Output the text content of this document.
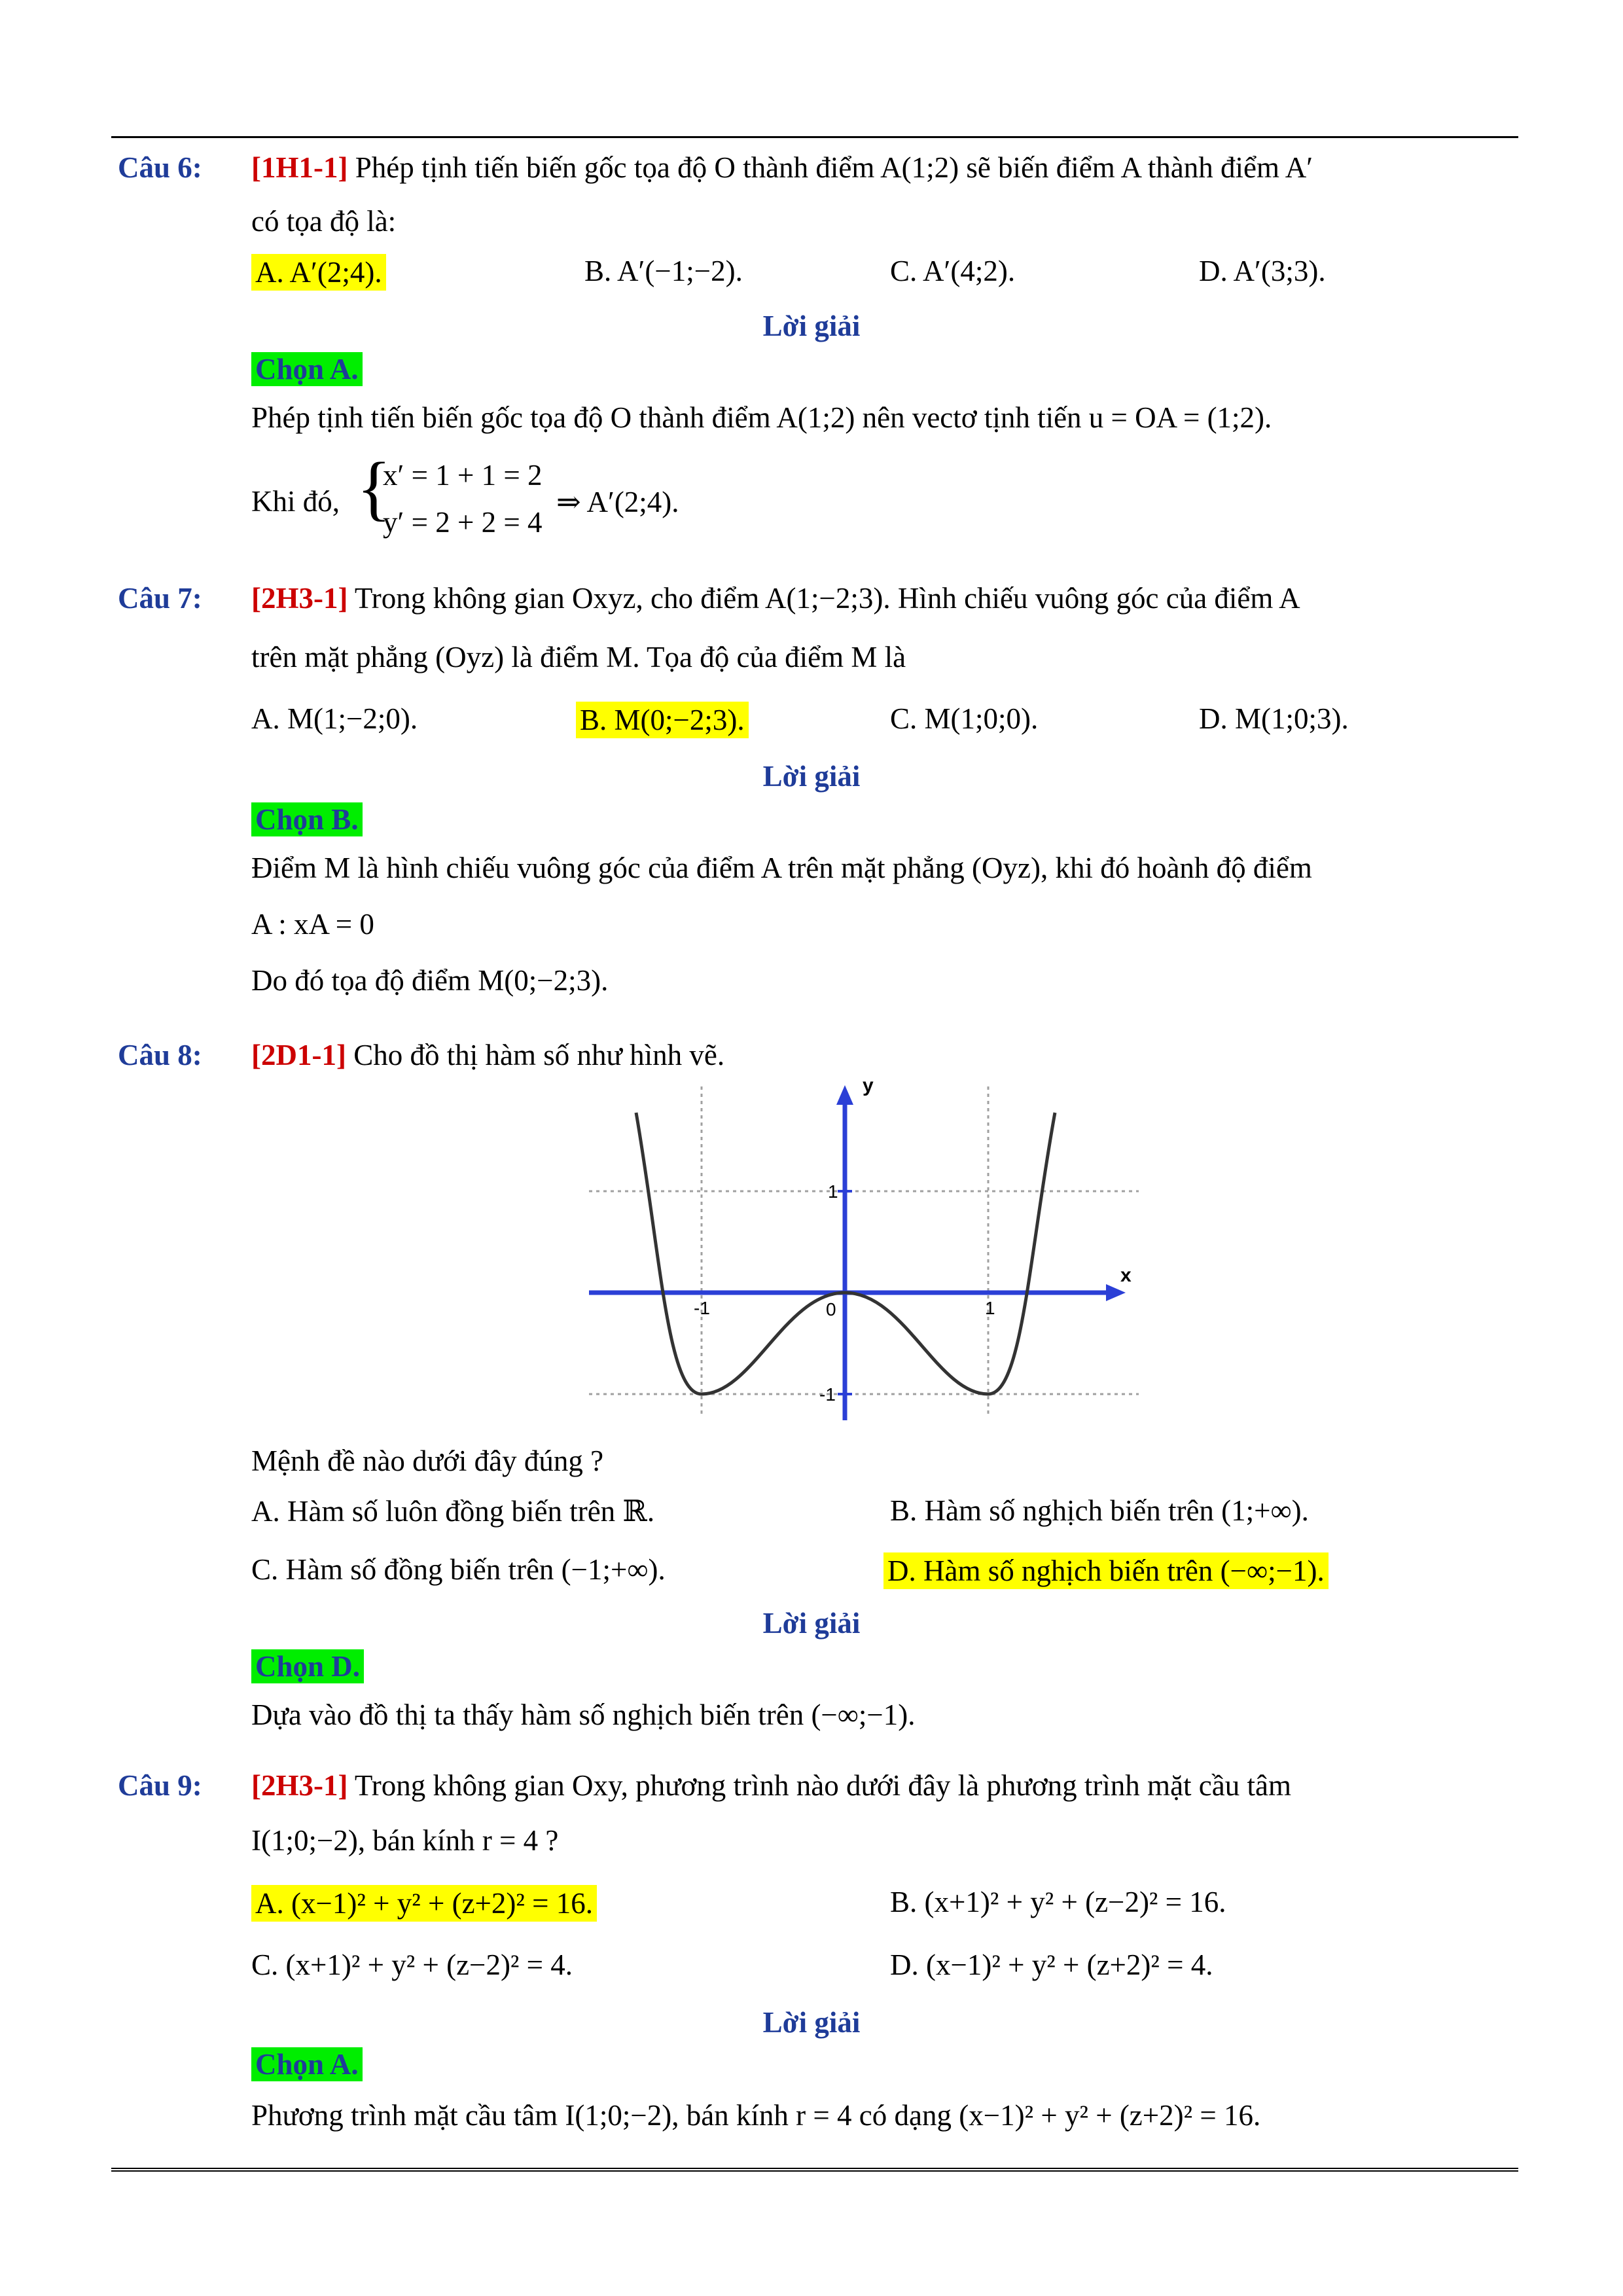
Câu 6: [1H1-1] Phép tịnh tiến biến gốc tọa độ O thành điểm A(1;2) sẽ biến điểm A thành điểm A′
có tọa độ là:
A. A′(2;4).	B. A′(−1;−2).	C. A′(4;2).	D. A′(3;3).
Lời giải
Chọn A.
Phép tịnh tiến biến gốc tọa độ O thành điểm A(1;2) nên vectơ tịnh tiến u = OA = (1;2).
Khi đó, {
x′ = 1 + 1 = 2
y′ = 2 + 2 = 4
⇒ A′(2;4).
Câu 7: [2H3-1] Trong không gian Oxyz, cho điểm A(1;−2;3). Hình chiếu vuông góc của điểm A
trên mặt phẳng (Oyz) là điểm M. Tọa độ của điểm M là
A. M(1;−2;0).	B. M(0;−2;3).	C. M(1;0;0).	D. M(1;0;3).
Lời giải
Chọn B.
Điểm M là hình chiếu vuông góc của điểm A trên mặt phẳng (Oyz), khi đó hoành độ điểm
A : xA = 0
Do đó tọa độ điểm M(0;−2;3).
Câu 8: [2D1-1] Cho đồ thị hàm số như hình vẽ.
y
x
-1	1
0
1
-1
Mệnh đề nào dưới đây đúng ?
A. Hàm số luôn đồng biến trên ℝ.	B. Hàm số nghịch biến trên (1;+∞).
C. Hàm số đồng biến trên (−1;+∞).	D. Hàm số nghịch biến trên (−∞;−1).
Lời giải
Chọn D.
Dựa vào đồ thị ta thấy hàm số nghịch biến trên (−∞;−1).
Câu 9: [2H3-1] Trong không gian Oxy, phương trình nào dưới đây là phương trình mặt cầu tâm
I(1;0;−2), bán kính r = 4 ?
A. (x−1)² + y² + (z+2)² = 16.	B. (x+1)² + y² + (z−2)² = 16.
C. (x+1)² + y² + (z−2)² = 4.	D. (x−1)² + y² + (z+2)² = 4.
Lời giải
Chọn A.
Phương trình mặt cầu tâm I(1;0;−2), bán kính r = 4 có dạng (x−1)² + y² + (z+2)² = 16.
